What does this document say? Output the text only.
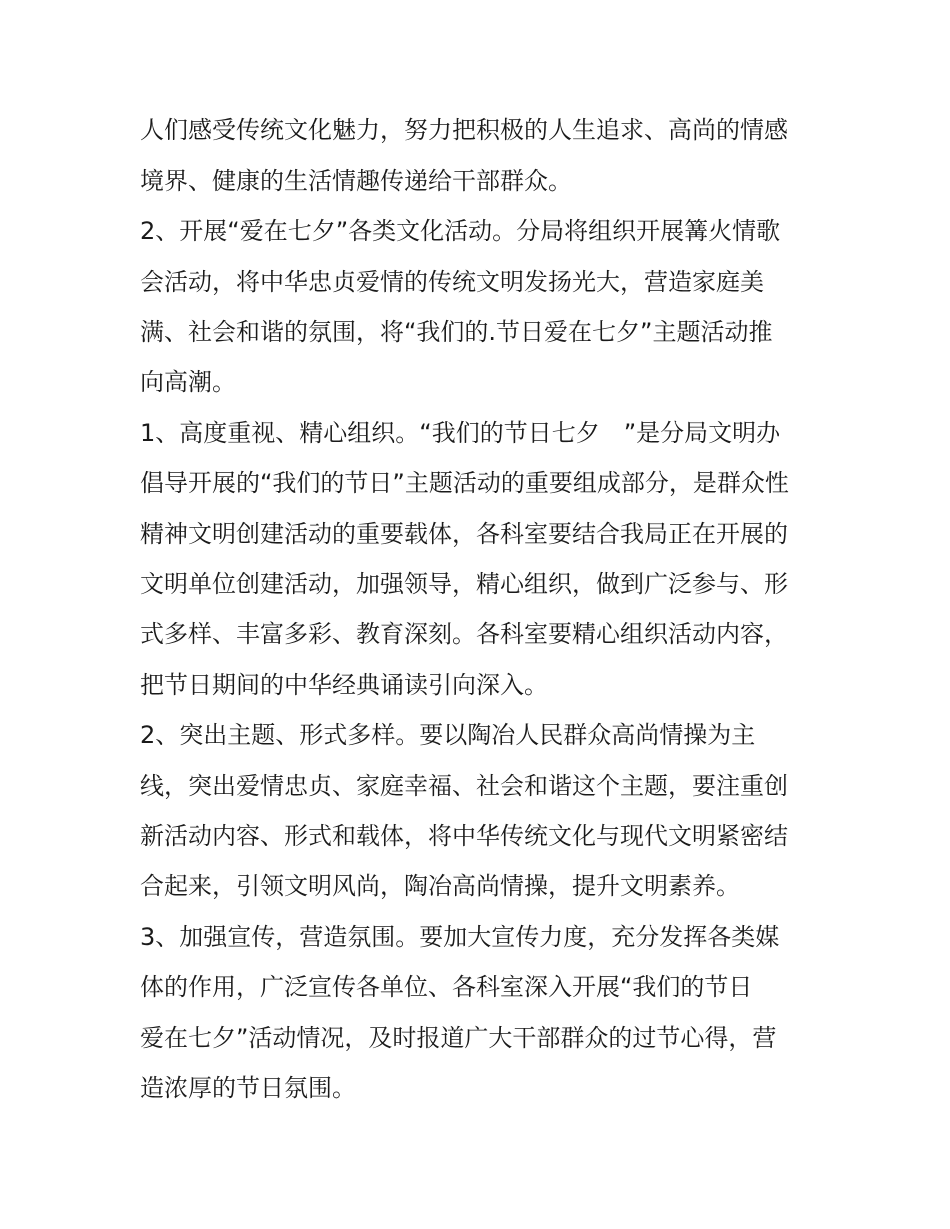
人们感受传统文化魅力，努力把积极的人生追求、高尚的情感
境界、健康的生活情趣传递给干部群众。
2、开展“爱在七夕”各类文化活动。分局将组织开展篝火情歌
会活动，将中华忠贞爱情的传统文明发扬光大，营造家庭美
满、社会和谐的氛围，将“我们的.节日爱在七夕”主题活动推
向高潮。
1、高度重视、精心组织。“我们的节日七夕　”是分局文明办
倡导开展的“我们的节日”主题活动的重要组成部分，是群众性
精神文明创建活动的重要载体，各科室要结合我局正在开展的
文明单位创建活动，加强领导，精心组织，做到广泛参与、形
式多样、丰富多彩、教育深刻。各科室要精心组织活动内容，
把节日期间的中华经典诵读引向深入。
2、突出主题、形式多样。要以陶冶人民群众高尚情操为主
线，突出爱情忠贞、家庭幸福、社会和谐这个主题，要注重创
新活动内容、形式和载体，将中华传统文化与现代文明紧密结
合起来，引领文明风尚，陶冶高尚情操，提升文明素养。
3、加强宣传，营造氛围。要加大宣传力度，充分发挥各类媒
体的作用，广泛宣传各单位、各科室深入开展“我们的节日
爱在七夕”活动情况，及时报道广大干部群众的过节心得，营
造浓厚的节日氛围。
